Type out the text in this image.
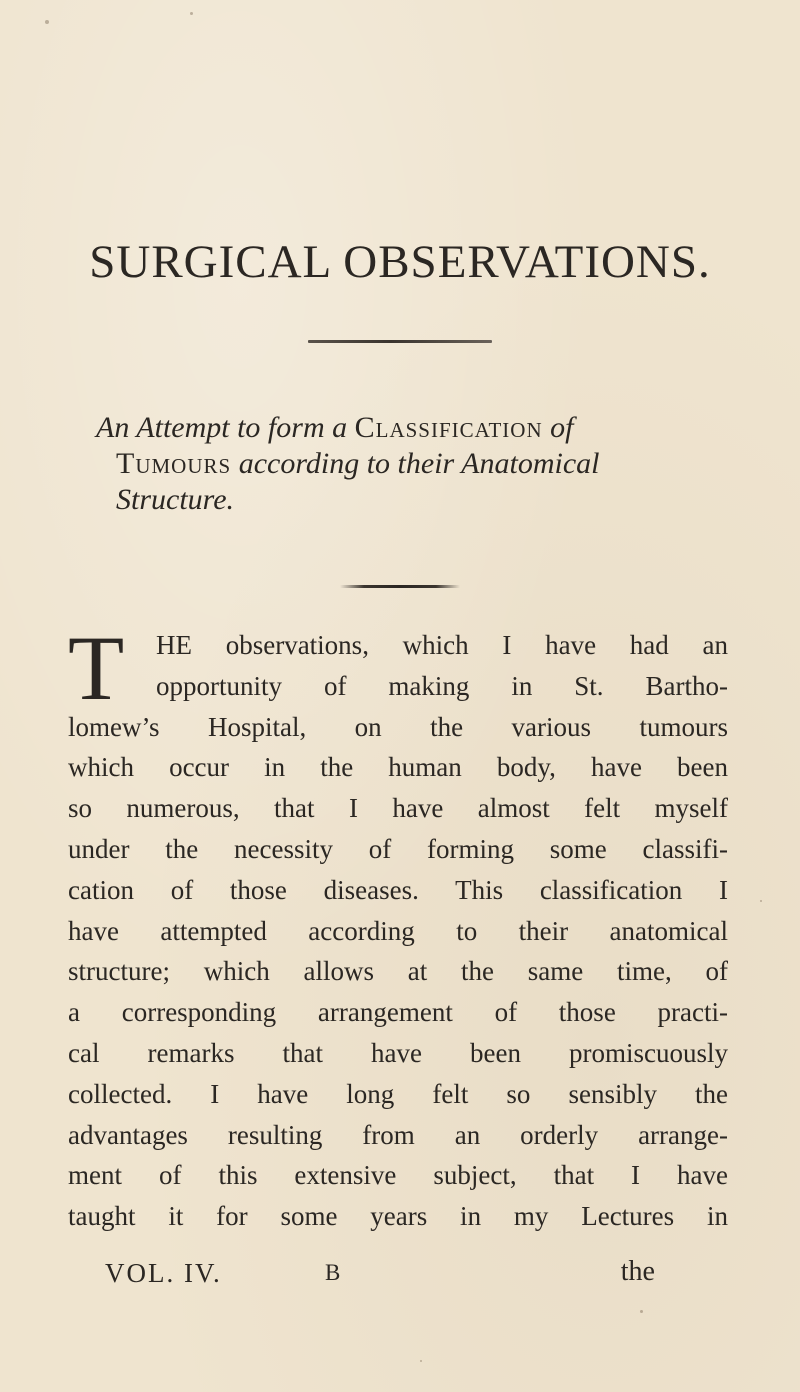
SURGICAL OBSERVATIONS.

An Attempt to form a Classification of
Tumours according to their Anatomical
Structure.

T	HE observations, which I have had an
opportunity of making in St. Bartho-
lomew’s Hospital, on the various tumours
which occur in the human body, have been
so numerous, that I have almost felt myself
under the necessity of forming some classifi-
cation of those diseases. This classification I
have attempted according to their anatomical
structure; which allows at the same time, of
a corresponding arrangement of those practi-
cal remarks that have been promiscuously
collected. I have long felt so sensibly the
advantages resulting from an orderly arrange-
ment of this extensive subject, that I have
taught it for some years in my Lectures in
VOL. IV.	B	the
